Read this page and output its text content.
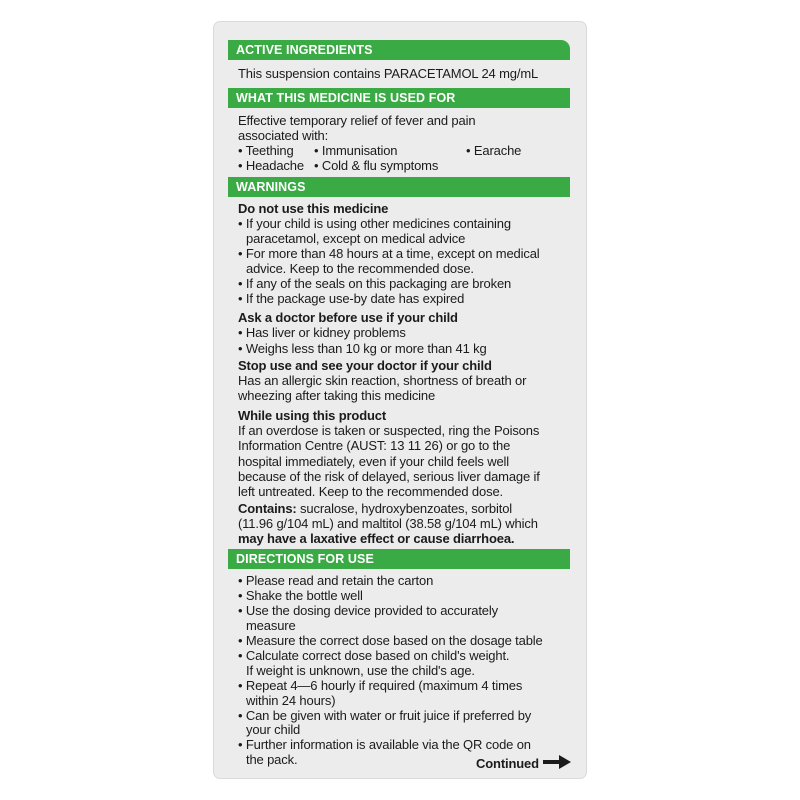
ACTIVE INGREDIENTS
This suspension contains PARACETAMOL 24 mg/mL
WHAT THIS MEDICINE IS USED FOR
Effective temporary relief of fever and pain
associated with:
• Teething • Immunisation	• Earache
• Headache • Cold & flu symptoms
WARNINGS
Do not use this medicine
• If your child is using other medicines containing
paracetamol, except on medical advice
• For more than 48 hours at a time, except on medical
advice. Keep to the recommended dose.
• If any of the seals on this packaging are broken
• If the package use-by date has expired
Ask a doctor before use if your child
• Has liver or kidney problems
• Weighs less than 10 kg or more than 41 kg
Stop use and see your doctor if your child
Has an allergic skin reaction, shortness of breath or
wheezing after taking this medicine
While using this product
If an overdose is taken or suspected, ring the Poisons
Information Centre (AUST: 13 11 26) or go to the
hospital immediately, even if your child feels well
because of the risk of delayed, serious liver damage if
left untreated. Keep to the recommended dose.
Contains: sucralose, hydroxybenzoates, sorbitol
(11.96 g/104 mL) and maltitol (38.58 g/104 mL) which
may have a laxative effect or cause diarrhoea.
DIRECTIONS FOR USE
• Please read and retain the carton
• Shake the bottle well
• Use the dosing device provided to accurately
measure
• Measure the correct dose based on the dosage table
• Calculate correct dose based on child's weight.
If weight is unknown, use the child's age.
• Repeat 4—6 hourly if required (maximum 4 times
within 24 hours)
• Can be given with water or fruit juice if preferred by
your child
• Further information is available via the QR code on
the pack.	Continued
